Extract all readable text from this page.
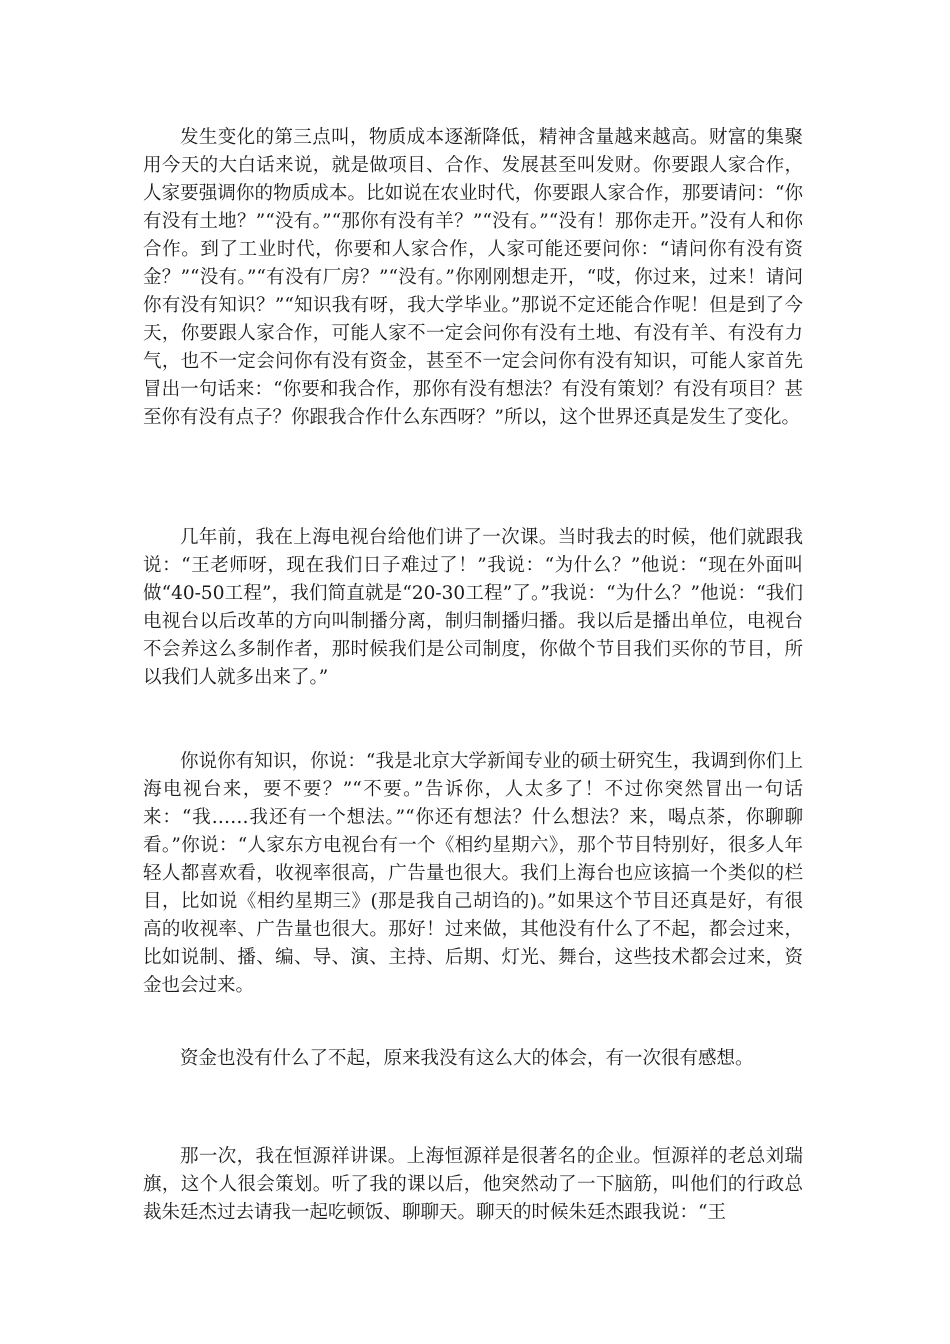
发生变化的第三点叫，物质成本逐渐降低，精神含量越来越高。财富的集聚用今天的大白话来说，就是做项目、合作、发展甚至叫发财。你要跟人家合作，人家要强调你的物质成本。比如说在农业时代，你要跟人家合作，那要请问：“你有没有土地？”“没有。”“那你有没有羊？”“没有。”“没有！那你走开。”没有人和你合作。到了工业时代，你要和人家合作，人家可能还要问你：“请问你有没有资金？”“没有。”“有没有厂房？”“没有。”你刚刚想走开，“哎，你过来，过来！请问你有没有知识？”“知识我有呀，我大学毕业。”那说不定还能合作呢！但是到了今天，你要跟人家合作，可能人家不一定会问你有没有土地、有没有羊、有没有力气，也不一定会问你有没有资金，甚至不一定会问你有没有知识，可能人家首先冒出一句话来：“你要和我合作，那你有没有想法？有没有策划？有没有项目？甚至你有没有点子？你跟我合作什么东西呀？”所以，这个世界还真是发生了变化。

几年前，我在上海电视台给他们讲了一次课。当时我去的时候，他们就跟我说：“王老师呀，现在我们日子难过了！”我说：“为什么？”他说：“现在外面叫做“40-50工程”，我们简直就是“20-30工程”了。”我说：“为什么？”他说：“我们电视台以后改革的方向叫制播分离，制归制播归播。我以后是播出单位，电视台不会养这么多制作者，那时候我们是公司制度，你做个节目我们买你的节目，所以我们人就多出来了。”

你说你有知识，你说：“我是北京大学新闻专业的硕士研究生，我调到你们上海电视台来，要不要？”“不要。”告诉你，人太多了！不过你突然冒出一句话来：“我……我还有一个想法。”“你还有想法？什么想法？来，喝点茶，你聊聊看。”你说：“人家东方电视台有一个《相约星期六》，那个节目特别好，很多人年轻人都喜欢看，收视率很高，广告量也很大。我们上海台也应该搞一个类似的栏目，比如说《相约星期三》(那是我自己胡诌的)。”如果这个节目还真是好，有很高的收视率、广告量也很大。那好！过来做，其他没有什么了不起，都会过来，比如说制、播、编、导、演、主持、后期、灯光、舞台，这些技术都会过来，资金也会过来。

资金也没有什么了不起，原来我没有这么大的体会，有一次很有感想。

那一次，我在恒源祥讲课。上海恒源祥是很著名的企业。恒源祥的老总刘瑞旗，这个人很会策划。听了我的课以后，他突然动了一下脑筋，叫他们的行政总裁朱廷杰过去请我一起吃顿饭、聊聊天。聊天的时候朱廷杰跟我说：“王
